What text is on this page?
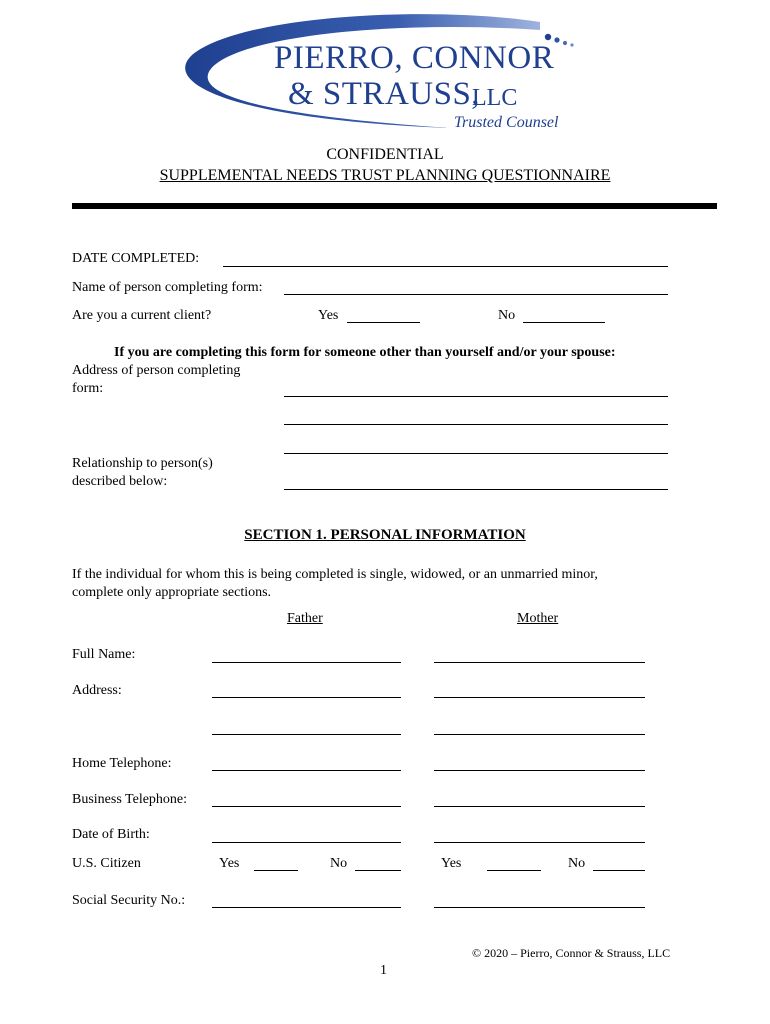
PIERRO, CONNOR
& STRAUSS,
LLC
Trusted Counsel
CONFIDENTIAL
SUPPLEMENTAL NEEDS TRUST PLANNING QUESTIONNAIRE
DATE COMPLETED:
Name of person completing form:
Are you a current client?	Yes	No
If you are completing this form for someone other than yourself and/or your spouse:
Address of person completing
form:
Relationship to person(s)
described below:
SECTION 1. PERSONAL INFORMATION
If the individual for whom this is being completed is single, widowed, or an unmarried minor,
complete only appropriate sections.
Father	Mother
Full Name:
Address:
Home Telephone:
Business Telephone:
Date of Birth:
U.S. Citizen	Yes	No	Yes	No
Social Security No.:
© 2020 – Pierro, Connor & Strauss, LLC
1
